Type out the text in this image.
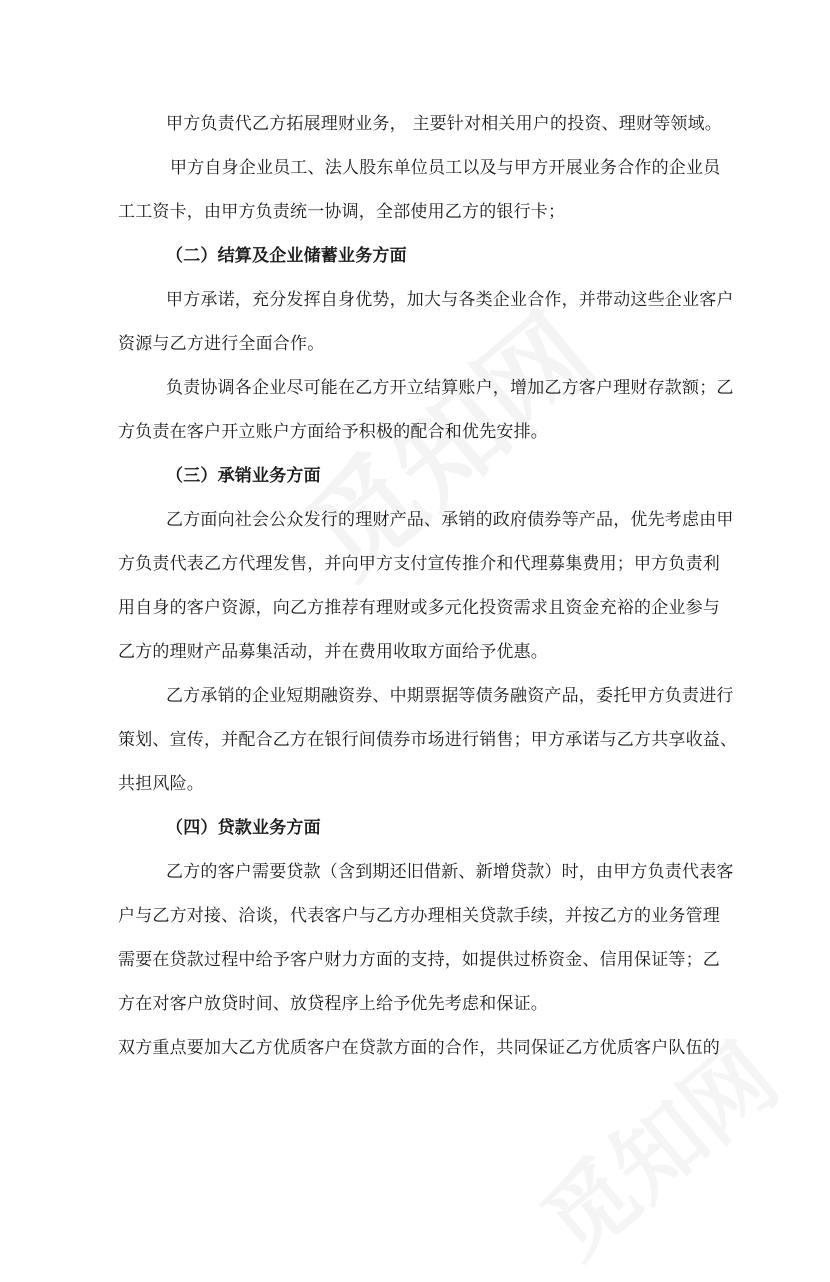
甲方负责代乙方拓展理财业务， 主要针对相关用户的投资、理财等领域。
甲方自身企业员工、法人股东单位员工以及与甲方开展业务合作的企业员
工工资卡，由甲方负责统一协调，全部使用乙方的银行卡；
（二）结算及企业储蓄业务方面
甲方承诺，充分发挥自身优势，加大与各类企业合作，并带动这些企业客户
资源与乙方进行全面合作。
负责协调各企业尽可能在乙方开立结算账户，增加乙方客户理财存款额；乙
方负责在客户开立账户方面给予积极的配合和优先安排。
（三）承销业务方面
乙方面向社会公众发行的理财产品、承销的政府债券等产品，优先考虑由甲
方负责代表乙方代理发售，并向甲方支付宣传推介和代理募集费用；甲方负责利
用自身的客户资源，向乙方推荐有理财或多元化投资需求且资金充裕的企业参与
乙方的理财产品募集活动，并在费用收取方面给予优惠。
乙方承销的企业短期融资券、中期票据等债务融资产品，委托甲方负责进行
策划、宣传，并配合乙方在银行间债券市场进行销售；甲方承诺与乙方共享收益、
共担风险。
（四）贷款业务方面
乙方的客户需要贷款（含到期还旧借新、新增贷款）时，由甲方负责代表客
户与乙方对接、洽谈，代表客户与乙方办理相关贷款手续，并按乙方的业务管理
需要在贷款过程中给予客户财力方面的支持，如提供过桥资金、信用保证等；乙
方在对客户放贷时间、放贷程序上给予优先考虑和保证。
双方重点要加大乙方优质客户在贷款方面的合作，共同保证乙方优质客户队伍的
